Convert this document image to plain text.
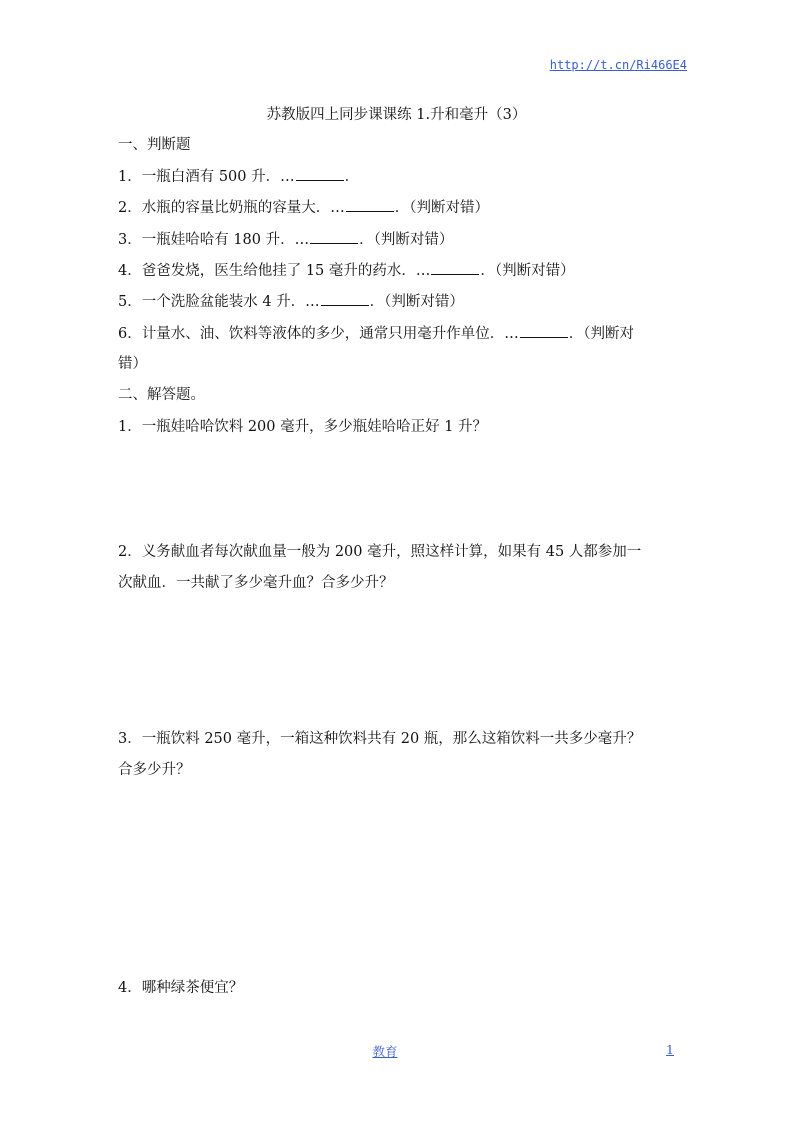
http://t.cn/Ri466E4
苏教版四上同步课课练 1.升和毫升（3）
一、判断题
1．一瓶白酒有 500 升．…	．
2．水瓶的容量比奶瓶的容量大．…	．（判断对错）
3．一瓶娃哈哈有 180 升．…	．（判断对错）
4．爸爸发烧，医生给他挂了 15 毫升的药水．…	．（判断对错）
5．一个洗脸盆能装水 4 升．…	．（判断对错）
6．计量水、油、饮料等液体的多少，通常只用毫升作单位．…	．（判断对
错）
二、解答题。
1．一瓶娃哈哈饮料 200 毫升，多少瓶娃哈哈正好 1 升？
2．义务献血者每次献血量一般为 200 毫升，照这样计算，如果有 45 人都参加一
次献血．一共献了多少毫升血？合多少升？
3．一瓶饮料 250 毫升，一箱这种饮料共有 20 瓶，那么这箱饮料一共多少毫升？
合多少升？
4．哪种绿茶便宜？
教育	1
